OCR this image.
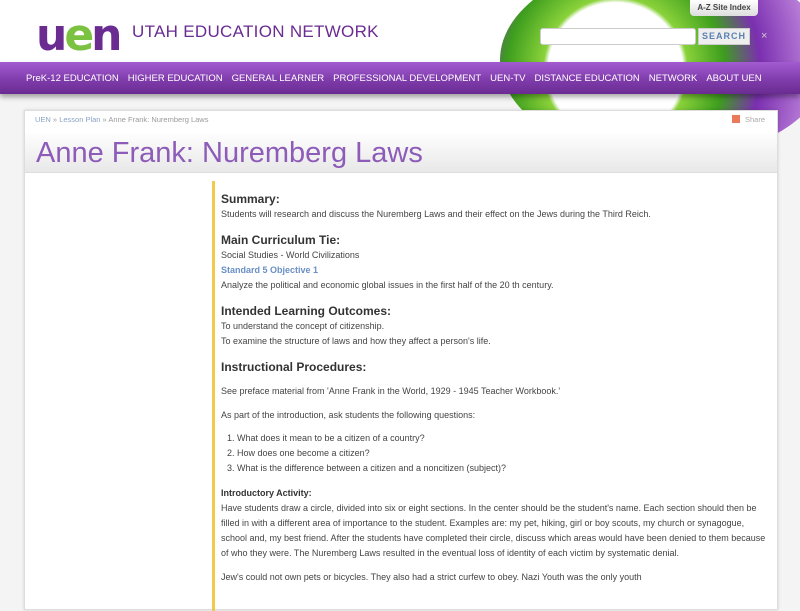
uen UTAH EDUCATION NETWORK
A-Z Site Index
SEARCH	×
PreK-12 EDUCATION HIGHER EDUCATION GENERAL LEARNER PROFESSIONAL DEVELOPMENT UEN-TV DISTANCE EDUCATION NETWORK ABOUT UEN
Anne Frank: Nuremberg Laws
UEN » Lesson Plan » Anne Frank: Nuremberg Laws	Share
Summary:

Students will research and discuss the Nuremberg Laws and their effect on the Jews during the Third Reich.

Main Curriculum Tie:

Social Studies - World Civilizations

Standard 5 Objective 1

Analyze the political and economic global issues in the first half of the 20 th century.

Intended Learning Outcomes:

To understand the concept of citizenship.

To examine the structure of laws and how they affect a person's life.

Instructional Procedures:

See preface material from 'Anne Frank in the World, 1929 - 1945 Teacher Workbook.'

As part of the introduction, ask students the following questions:

1. What does it mean to be a citizen of a country?
2. How does one become a citizen?
3. What is the difference between a citizen and a noncitizen (subject)?
Introductory Activity:

Have students draw a circle, divided into six or eight sections. In the center should be the student's name. Each section should then be filled in with a different area of importance to the student. Examples are: my pet, hiking, girl or boy scouts, my church or synagogue, school and, my best friend. After the students have completed their circle, discuss which areas would have been denied to them because of who they were. The Nuremberg Laws resulted in the eventual loss of identity of each victim by systematic denial.

Jew's could not own pets or bicycles. They also had a strict curfew to obey. Nazi Youth was the only youth
